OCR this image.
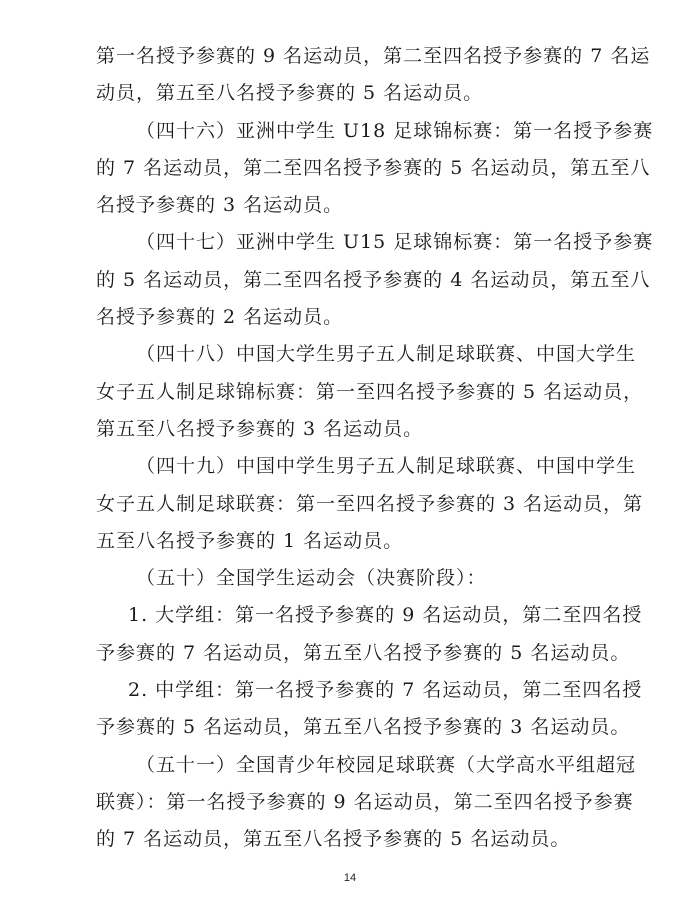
第一名授予参赛的 9 名运动员，第二至四名授予参赛的 7 名运
动员，第五至八名授予参赛的 5 名运动员。
（四十六）亚洲中学生 U18 足球锦标赛：第一名授予参赛
的 7 名运动员，第二至四名授予参赛的 5 名运动员，第五至八
名授予参赛的 3 名运动员。
（四十七）亚洲中学生 U15 足球锦标赛：第一名授予参赛
的 5 名运动员，第二至四名授予参赛的 4 名运动员，第五至八
名授予参赛的 2 名运动员。
（四十八）中国大学生男子五人制足球联赛、中国大学生
女子五人制足球锦标赛：第一至四名授予参赛的 5 名运动员，
第五至八名授予参赛的 3 名运动员。
（四十九）中国中学生男子五人制足球联赛、中国中学生
女子五人制足球联赛：第一至四名授予参赛的 3 名运动员，第
五至八名授予参赛的 1 名运动员。
（五十）全国学生运动会（决赛阶段）：
1. 大学组：第一名授予参赛的 9 名运动员，第二至四名授
予参赛的 7 名运动员，第五至八名授予参赛的 5 名运动员。
2. 中学组：第一名授予参赛的 7 名运动员，第二至四名授
予参赛的 5 名运动员，第五至八名授予参赛的 3 名运动员。
（五十一）全国青少年校园足球联赛（大学高水平组超冠
联赛）：第一名授予参赛的 9 名运动员，第二至四名授予参赛
的 7 名运动员，第五至八名授予参赛的 5 名运动员。
14
